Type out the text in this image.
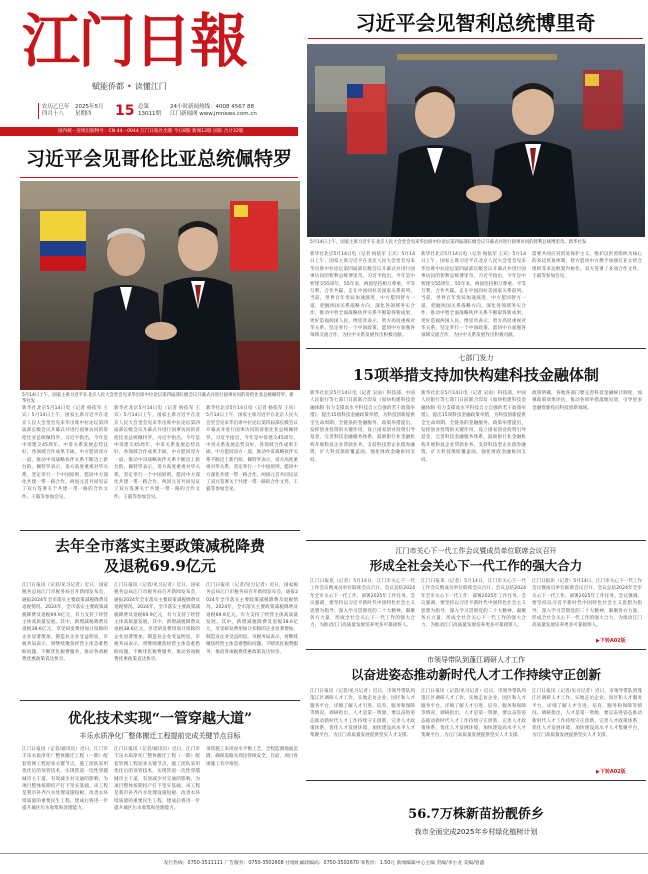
江门日報
赋能侨都 • 读懂江门
农历乙巳年
四月十八
2025年5月
星期四 15 总第
13011期
24小时新闻热线：4008 4567 88
江门新闻网 www.jmnews.com.cn
国内统一连续出版物号：CN 44－0044 江门日报社出版 今日8版 新闻12版 国际 合计32版
习近平会见智利总统博里奇
5月14日上午，国家主席习近平在北京人民大会堂会见来华出席中拉论坛第四届部长级会议开幕式并进行国事访问的智利总统博里奇。新华社发
新华社北京5月14日电（记者 杨依军 王宾）5月14日上午，国家主席习近平在北京人民大会堂会见来华出席中拉论坛第四届部长级会议开幕式并进行国事访问的智利总统博里奇。习近平指出，今年是中智建交55周年，55年来，两国坚持相互尊重、平等互利，合作共赢，走在中国同拉美国家关系前列。当前，世界百年变局加速演进，中方愿同智方一道，把握两国关系战略方向，深化各领域务实合作，推动中智全面战略伙伴关系不断取得新成果，更好造福两国人民。博里奇表示，智方高度重视对华关系，坚定奉行一个中国政策，愿同中方加强各领域交流合作，为拉中关系发展作出积极贡献。
新华社北京5月14日电（记者 杨依军 王宾）5月14日上午，国家主席习近平在北京人民大会堂会见来华出席中拉论坛第四届部长级会议开幕式并进行国事访问的智利总统博里奇。习近平指出，今年是中智建交55周年，55年来，两国坚持相互尊重、平等互利，合作共赢，走在中国同拉美国家关系前列。当前，世界百年变局加速演进，中方愿同智方一道，把握两国关系战略方向，深化各领域务实合作，推动中智全面战略伙伴关系不断取得新成果，更好造福两国人民。博里奇表示，智方高度重视对华关系，坚定奉行一个中国政策，愿同中方加强各领域交流合作，为拉中关系发展作出积极贡献。
需要共同应对贸易保护主义，维护以世贸组织为核心的多边贸易体制，智方愿同中方携手加强在亚太经合组织等多边框架内协作。双方签署了多项合作文件。王毅等参加会见。
习近平会见哥伦比亚总统佩特罗
5月14日上午，国家主席习近平在北京人民大会堂会见来华出席中拉论坛第四届部长级会议开幕式并进行国事访问的哥伦比亚总统佩特罗。新华社发
新华社北京5月14日电（记者 杨依军 王宾）5月14日上午，国家主席习近平在北京人民大会堂会见来华出席中拉论坛第四届部长级会议开幕式并进行国事访问的哥伦比亚总统佩特罗。习近平指出，今年是中哥建交45周年。中哥关系发展态势良好，各领域合作成果丰硕。中方愿同哥方一道，推动中哥战略伙伴关系不断迈上新台阶。佩特罗表示，哥方高度重视对华关系，坚定奉行一个中国原则，愿同中方深化共建一带一路合作。两国元首共同见证了双方签署关于共建一带一路的合作文件。王毅等参加会见。
新华社北京5月14日电（记者 杨依军 王宾）5月14日上午，国家主席习近平在北京人民大会堂会见来华出席中拉论坛第四届部长级会议开幕式并进行国事访问的哥伦比亚总统佩特罗。习近平指出，今年是中哥建交45周年。中哥关系发展态势良好，各领域合作成果丰硕。中方愿同哥方一道，推动中哥战略伙伴关系不断迈上新台阶。佩特罗表示，哥方高度重视对华关系，坚定奉行一个中国原则，愿同中方深化共建一带一路合作。两国元首共同见证了双方签署关于共建一带一路的合作文件。王毅等参加会见。
新华社北京5月14日电（记者 杨依军 王宾）5月14日上午，国家主席习近平在北京人民大会堂会见来华出席中拉论坛第四届部长级会议开幕式并进行国事访问的哥伦比亚总统佩特罗。习近平指出，今年是中哥建交45周年。中哥关系发展态势良好，各领域合作成果丰硕。中方愿同哥方一道，推动中哥战略伙伴关系不断迈上新台阶。佩特罗表示，哥方高度重视对华关系，坚定奉行一个中国原则，愿同中方深化共建一带一路合作。两国元首共同见证了双方签署关于共建一带一路的合作文件。王毅等参加会见。
七部门发力
15项举措支持加快构建科技金融体制
新华社北京5月14日电（记者 吴雨）科技部、中国人民银行等七部门日前联合印发《加快构建科技金融体制 有力支撑高水平科技自立自强的若干政策举措》，提出15项科技金融政策举措，为科技创新提供全生命周期、全链条的金融服务。政策举措提出，发挥创业投资的关键作用，设立国家创业投资引导基金，完善科技金融服务体系，鼓励银行业金融机构开展科技企业贷款业务，支持科技型企业债券融资，扩大科技保险覆盖面，强化财政金融协同支持。
新华社北京5月14日电（记者 吴雨）科技部、中国人民银行等七部门日前联合印发《加快构建科技金融体制 有力支撑高水平科技自立自强的若干政策举措》，提出15项科技金融政策举措，为科技创新提供全生命周期、全链条的金融服务。政策举措提出，发挥创业投资的关键作用，设立国家创业投资引导基金，完善科技金融服务体系，鼓励银行业金融机构开展科技企业贷款业务，支持科技型企业债券融资，扩大科技保险覆盖面，强化财政金融协同支持。
政策明确，各地各部门要完善科技金融统计制度，加强政策效果评估，推动各项举措落地见效，引导更多金融资源投向科技创新领域。
去年全市落实主要政策减税降费
及退税69.9亿元
江门日报讯（记者/见习记者）近日，国家税务总局江门市税务局召开新闻发布会，通报2024年全市落实主要政策减税降费及退税情况。2024年，全市落实主要政策减税降费及退税69.9亿元，有力支持了经营主体高质量发展。其中，新增减税降费及退税38.6亿元，享受研发费用加计扣除的企业显著增加，制造业企业受益明显。市税务局表示，将继续聚焦经营主体急难愁盼问题，不断优化税费服务，推动各项税费优惠政策直达快享。
江门日报讯（记者/见习记者）近日，国家税务总局江门市税务局召开新闻发布会，通报2024年全市落实主要政策减税降费及退税情况。2024年，全市落实主要政策减税降费及退税69.9亿元，有力支持了经营主体高质量发展。其中，新增减税降费及退税38.6亿元，享受研发费用加计扣除的企业显著增加，制造业企业受益明显。市税务局表示，将继续聚焦经营主体急难愁盼问题，不断优化税费服务，推动各项税费优惠政策直达快享。
江门日报讯（记者/见习记者）近日，国家税务总局江门市税务局召开新闻发布会，通报2024年全市落实主要政策减税降费及退税情况。2024年，全市落实主要政策减税降费及退税69.9亿元，有力支持了经营主体高质量发展。其中，新增减税降费及退税38.6亿元，享受研发费用加计扣除的企业显著增加，制造业企业受益明显。市税务局表示，将继续聚焦经营主体急难愁盼问题，不断优化税费服务，推动各项税费优惠政策直达快享。
优化技术实现“一管穿越大道”
丰乐水质净化厂整体搬迁工程提前完成关键节点目标
江门日报讯（记者/通讯员）近日，江门市丰乐水质净化厂整体搬迁工程（一期）配套管网工程迎来关键节点，施工团队采用优化后的顶管技术，实现管道一次性穿越城市主干道，有效减少对交通的影响，为项目整体按期投产打下坚实基础。该工程是我市补齐污水处理设施短板、改善水环境质量的重要民生工程，建成后将进一步提升城区污水收集和处理能力。
江门日报讯（记者/通讯员）近日，江门市丰乐水质净化厂整体搬迁工程（一期）配套管网工程迎来关键节点，施工团队采用优化后的顶管技术，实现管道一次性穿越城市主干道，有效减少对交通的影响，为项目整体按期投产打下坚实基础。该工程是我市补齐污水处理设施短板、改善水环境质量的重要民生工程，建成后将进一步提升城区污水收集和处理能力。
顶管施工采用泥水平衡工艺，全程监测地面沉降，确保道路及周边管线安全。目前，项目各项施工有序推进。
江门市关心下一代工作会议暨成员单位联席会议召开
形成全社会关心下一代工作的强大合力
江门日报讯（记者）5月14日，江门市关心下一代工作会议暨成员单位联席会议召开。会议总结2024年全市关心下一代工作，部署2025年工作任务。会议强调，要坚持以习近平新时代中国特色社会主义思想为指导，深入学习贯彻党的二十大精神，凝聚各方力量，形成全社会关心下一代工作的强大合力，为推动江门高质量发展培养更多可靠接班人。
江门日报讯（记者）5月14日，江门市关心下一代工作会议暨成员单位联席会议召开。会议总结2024年全市关心下一代工作，部署2025年工作任务。会议强调，要坚持以习近平新时代中国特色社会主义思想为指导，深入学习贯彻党的二十大精神，凝聚各方力量，形成全社会关心下一代工作的强大合力，为推动江门高质量发展培养更多可靠接班人。
江门日报讯（记者）5月14日，江门市关心下一代工作会议暨成员单位联席会议召开。会议总结2024年全市关心下一代工作，部署2025年工作任务。会议强调，要坚持以习近平新时代中国特色社会主义思想为指导，深入学习贯彻党的二十大精神，凝聚各方力量，形成全社会关心下一代工作的强大合力，为推动江门高质量发展培养更多可靠接班人。
▶下转A02版
市领导带队到蓬江调研人才工作
以奋进姿态推动新时代人才工作持续守正创新
江门日报讯（记者/见习记者）近日，市领导带队到蓬江区调研人才工作，实地走访企业、园区和人才服务平台，详细了解人才引进、培育、服务和保障等情况。调研指出，人才是第一资源，要以奋进姿态推动新时代人才工作持续守正创新，完善人才政策体系，优化人才发展环境，加快建设高水平人才集聚平台，为江门高质量发展提供坚实人才支撑。
江门日报讯（记者/见习记者）近日，市领导带队到蓬江区调研人才工作，实地走访企业、园区和人才服务平台，详细了解人才引进、培育、服务和保障等情况。调研指出，人才是第一资源，要以奋进姿态推动新时代人才工作持续守正创新，完善人才政策体系，优化人才发展环境，加快建设高水平人才集聚平台，为江门高质量发展提供坚实人才支撑。
江门日报讯（记者/见习记者）近日，市领导带队到蓬江区调研人才工作，实地走访企业、园区和人才服务平台，详细了解人才引进、培育、服务和保障等情况。调研指出，人才是第一资源，要以奋进姿态推动新时代人才工作持续守正创新，完善人才政策体系，优化人才发展环境，加快建设高水平人才集聚平台，为江门高质量发展提供坚实人才支撑。
▶下转A02版
56.7万株新苗扮靓侨乡
我市全面完成2025年乡村绿化植树计划
发行热线：0750-3511111 广告服务：0750-3502608 社地址邮政编码：0750-3502670 零售价：1.50元 新闻编辑中心主编 责编/李小龙 美编/曾鑫
